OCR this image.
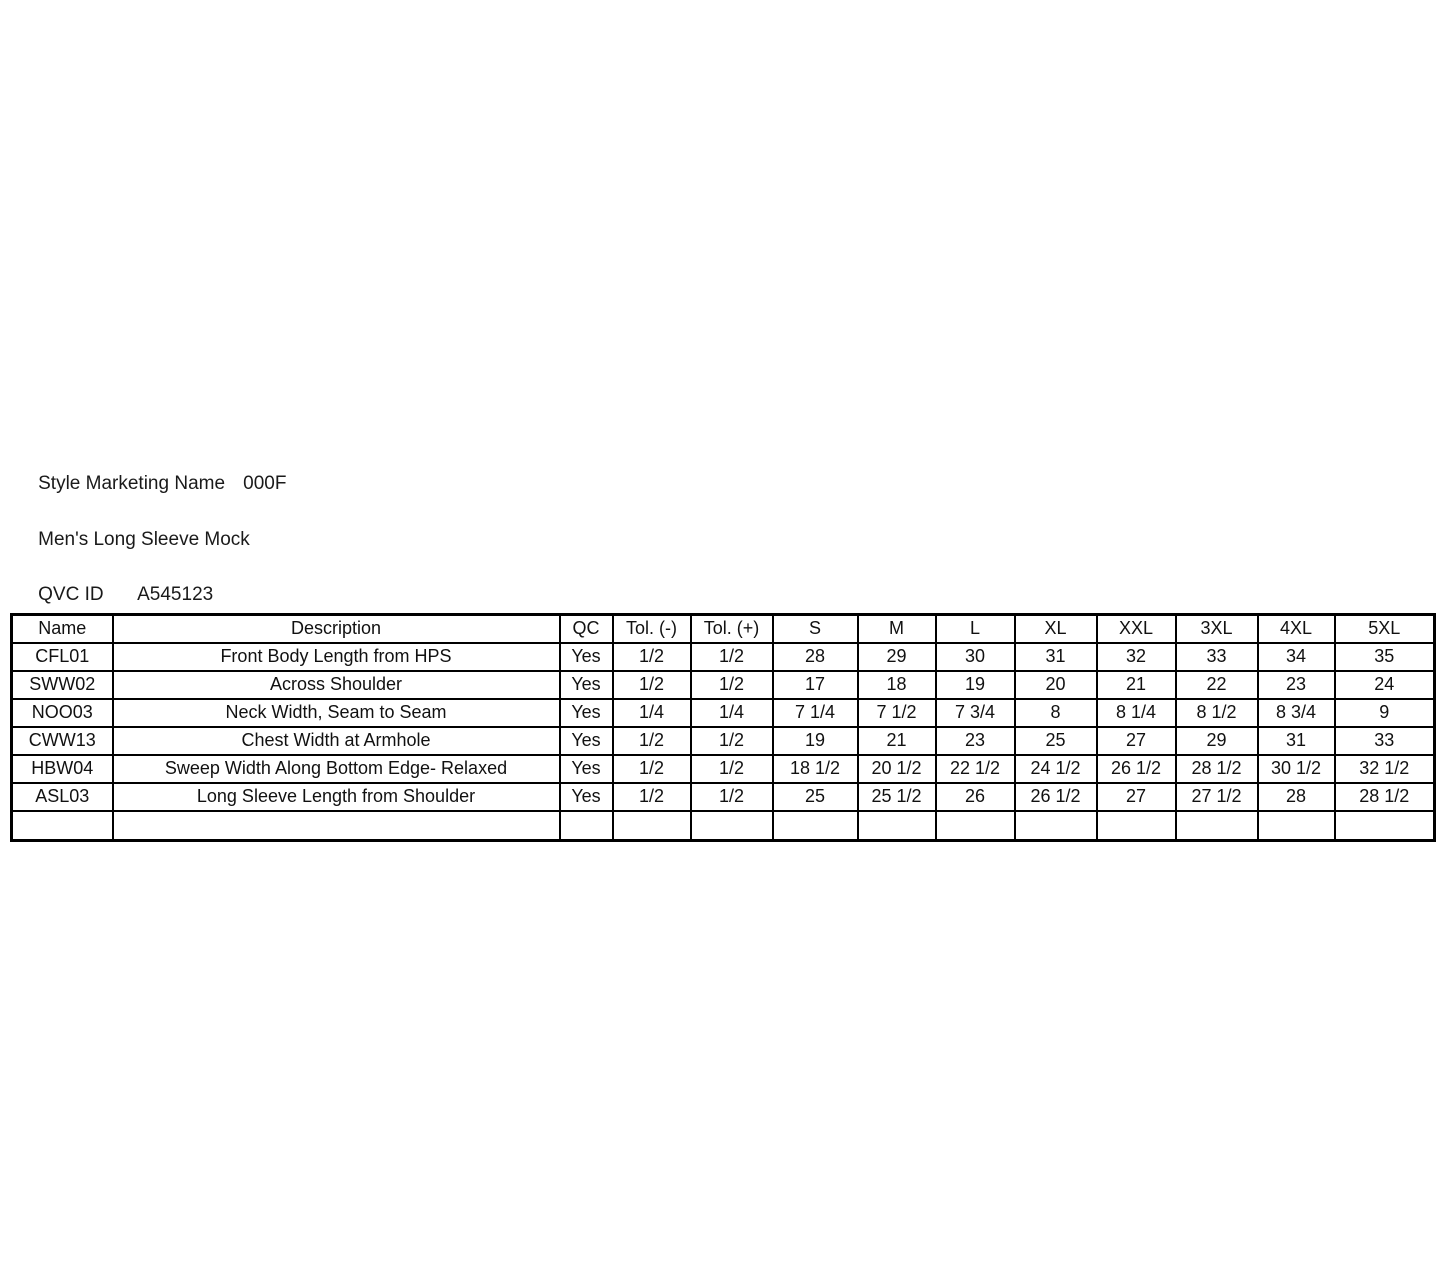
Style Marketing Name 000F

Men's Long Sleeve Mock

QVC ID A545123

Name	Description	QC	Tol. (-)	Tol. (+)	S	M	L	XL	XXL	3XL	4XL	5XL
CFL01	Front Body Length from HPS	Yes	1/2	1/2	28	29	30	31	32	33	34	35
SWW02	Across Shoulder	Yes	1/2	1/2	17	18	19	20	21	22	23	24
NOO03	Neck Width, Seam to Seam	Yes	1/4	1/4	7 1/4	7 1/2	7 3/4	8	8 1/4	8 1/2	8 3/4	9
CWW13	Chest Width at Armhole	Yes	1/2	1/2	19	21	23	25	27	29	31	33
HBW04	Sweep Width Along Bottom Edge- Relaxed	Yes	1/2	1/2	18 1/2	20 1/2	22 1/2	24 1/2	26 1/2	28 1/2	30 1/2	32 1/2
ASL03	Long Sleeve Length from Shoulder	Yes	1/2	1/2	25	25 1/2	26	26 1/2	27	27 1/2	28	28 1/2
